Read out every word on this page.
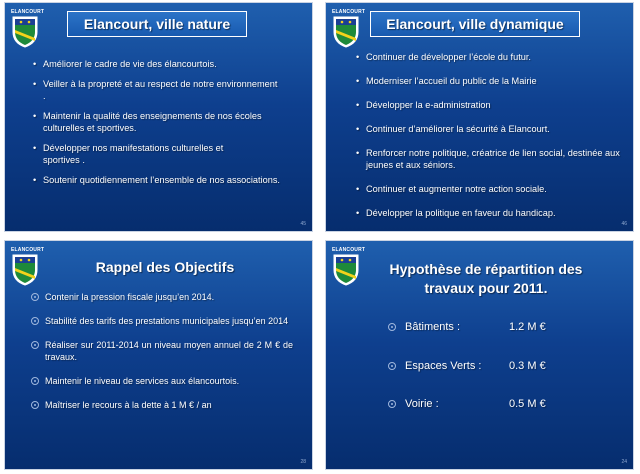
ELANCOURT
Elancourt, ville nature
• Améliorer le cadre de vie des élancourtois.
• Veiller à la propreté et au respect de notre environnement .
• Maintenir la qualité des enseignements de nos écoles culturelles et sportives.
• Développer nos manifestations culturelles et sportives .
• Soutenir quotidiennement l’ensemble de nos associations.
45
ELANCOURT
Elancourt, ville dynamique
• Continuer de développer l’école du futur.
• Moderniser l’accueil du public de la Mairie
• Développer la e-administration
• Continuer d’améliorer la sécurité à Elancourt.
• Renforcer notre politique, créatrice de lien social, destinée aux jeunes et aux séniors.
• Continuer et augmenter notre action sociale.
• Développer la politique en faveur du handicap.
46
ELANCOURT
Rappel des Objectifs
Contenir la pression fiscale jusqu’en 2014.
Stabilité des tarifs des prestations municipales jusqu’en 2014
Réaliser sur 2011-2014 un niveau moyen annuel de 2 M € de travaux.
Maintenir le niveau de services aux élancourtois.
Maîtriser le recours à la dette à 1 M € / an
28
ELANCOURT
Hypothèse de répartition des
travaux pour 2011.
Bâtiments :	1.2 M €
Espaces Verts :	0.3 M €
Voirie :	0.5 M €
24
